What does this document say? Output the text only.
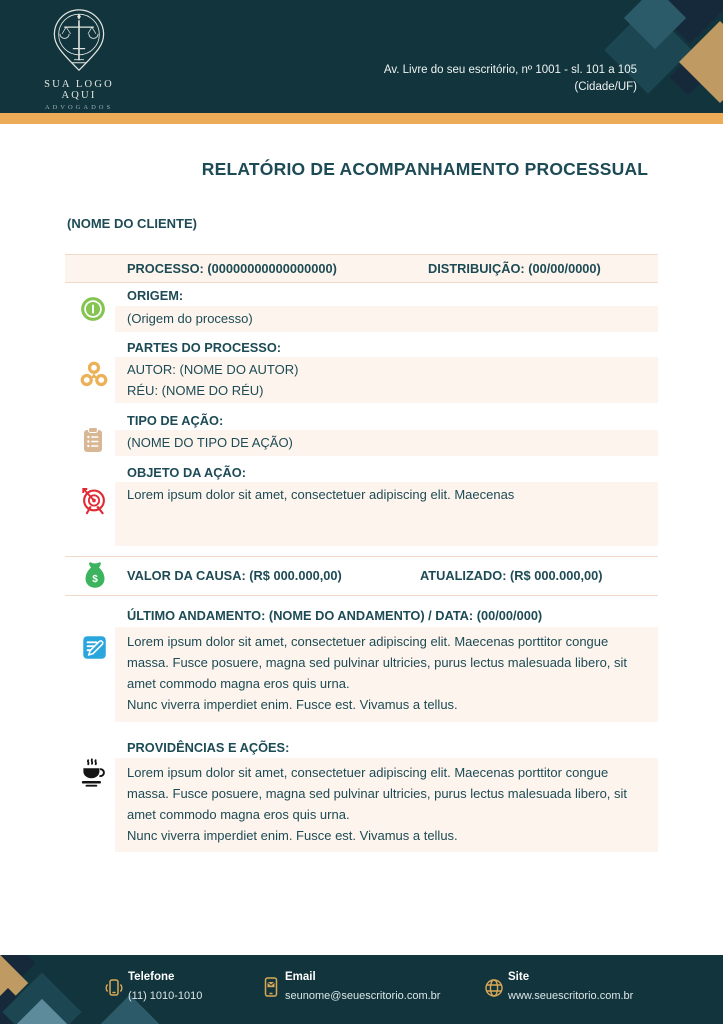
SUA LOGO AQUI
ADVOGADOS
Av. Livre do seu escritório, nº 1001 - sl. 101 a 105
(Cidade/UF)
RELATÓRIO DE ACOMPANHAMENTO PROCESSUAL
(NOME DO CLIENTE)
PROCESSO: (00000000000000000)	DISTRIBUIÇÃO: (00/00/0000)
ORIGEM:
(Origem do processo)
PARTES DO PROCESSO:
AUTOR: (NOME DO AUTOR)
RÉU: (NOME DO RÉU)
TIPO DE AÇÃO:
(NOME DO TIPO DE AÇÃO)
OBJETO DA AÇÃO:
Lorem ipsum dolor sit amet, consectetuer adipiscing elit. Maecenas
$ VALOR DA CAUSA: (R$ 000.000,00)	ATUALIZADO: (R$ 000.000,00)
ÚLTIMO ANDAMENTO: (NOME DO ANDAMENTO) / DATA: (00/00/000)

Lorem ipsum dolor sit amet, consectetuer adipiscing elit. Maecenas porttitor congue massa. Fusce posuere, magna sed pulvinar ultricies, purus lectus malesuada libero, sit amet commodo magna eros quis urna.

Nunc viverra imperdiet enim. Fusce est. Vivamus a tellus.

PROVIDÊNCIAS E AÇÕES:

Lorem ipsum dolor sit amet, consectetuer adipiscing elit. Maecenas porttitor congue massa. Fusce posuere, magna sed pulvinar ultricies, purus lectus malesuada libero, sit amet commodo magna eros quis urna.

Nunc viverra imperdiet enim. Fusce est. Vivamus a tellus.

Telefone
(11) 1010-1010
Email
seunome@seuescritorio.com.br
Site
www.seuescritorio.com.br
